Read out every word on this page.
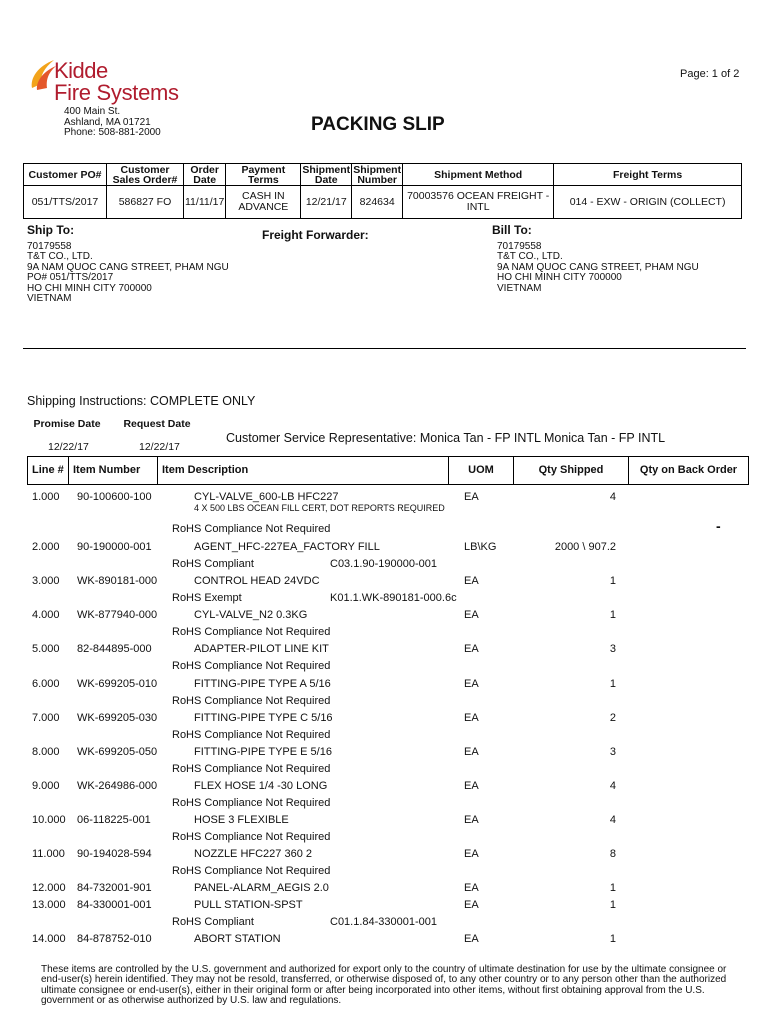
Kidde
Fire Systems
400 Main St.
Ashland, MA 01721
Phone: 508-881-2000
Page: 1 of 2
PACKING SLIP
Customer PO#	Customer Sales Order#	Order Date	Payment Terms	Shipment Date	Shipment Number	Shipment Method	Freight Terms
051/TTS/2017	586827 FO	11/11/17	CASH IN ADVANCE	12/21/17	824634	70003576 OCEAN FREIGHT - INTL	014 - EXW - ORIGIN (COLLECT)
Ship To:
70179558
T&T CO., LTD.
9A NAM QUOC CANG STREET, PHAM NGU
PO# 051/TTS/2017
HO CHI MINH CITY 700000
VIETNAM
Freight Forwarder:	Bill To:
70179558
T&T CO., LTD.
9A NAM QUOC CANG STREET, PHAM NGU
HO CHI MINH CITY 700000
VIETNAM
Shipping Instructions: COMPLETE ONLY
Promise Date	Request Date
12/22/17	12/22/17
Customer Service Representative: Monica Tan - FP INTL Monica Tan - FP INTL
Line #	Item Number	Item Description	UOM	Qty Shipped	Qty on Back Order
1.000 90-100600-100	CYL-VALVE_600-LB HFC227	EA	4
4 X 500 LBS OCEAN FILL CERT, DOT REPORTS REQUIRED
RoHS Compliance Not Required
2.000 90-190000-001	AGENT_HFC-227EA_FACTORY FILL	LB\KG	2000 \ 907.2
RoHS Compliant	C03.1.90-190000-001
3.000 WK-890181-000	CONTROL HEAD 24VDC	EA	1
RoHS Exempt	K01.1.WK-890181-000.6c
4.000 WK-877940-000	CYL-VALVE_N2 0.3KG	EA	1
RoHS Compliance Not Required
5.000 82-844895-000	ADAPTER-PILOT LINE KIT	EA	3
RoHS Compliance Not Required
6.000 WK-699205-010	FITTING-PIPE TYPE A 5/16	EA	1
RoHS Compliance Not Required
7.000 WK-699205-030	FITTING-PIPE TYPE C 5/16	EA	2
RoHS Compliance Not Required
8.000 WK-699205-050	FITTING-PIPE TYPE E 5/16	EA	3
RoHS Compliance Not Required
9.000 WK-264986-000	FLEX HOSE 1/4 -30 LONG	EA	4
RoHS Compliance Not Required
10.000 06-118225-001	HOSE 3 FLEXIBLE	EA	4
RoHS Compliance Not Required
11.000 90-194028-594	NOZZLE HFC227 360 2	EA	8
RoHS Compliance Not Required
12.000 84-732001-901	PANEL-ALARM_AEGIS 2.0	EA	1
13.000 84-330001-001	PULL STATION-SPST	EA	1
RoHS Compliant	C01.1.84-330001-001
14.000 84-878752-010	ABORT STATION	EA	1
-
These items are controlled by the U.S. government and authorized for export only to the country of ultimate destination for use by the ultimate consignee or end-user(s) herein identified. They may not be resold, transferred, or otherwise disposed of, to any other country or to any person other than the authorized ultimate consignee or end-user(s), either in their original form or after being incorporated into other items, without first obtaining approval from the U.S. government or as otherwise authorized by U.S. law and regulations.
